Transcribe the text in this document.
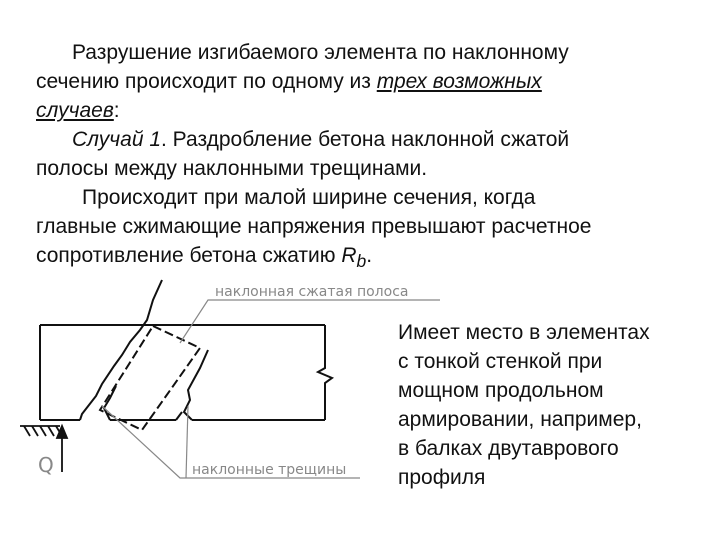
Разрушение изгибаемого элемента по наклонному
сечению происходит по одному из трех возможных
случаев:
Случай 1. Раздробление бетона наклонной сжатой
полосы между наклонными трещинами.
Происходит при малой ширине сечения, когда
главные сжимающие напряжения превышают расчетное
сопротивление бетона сжатию $R_b$.
Имеет место в элементах
с тонкой стенкой при
мощном продольном
армировании, например,
в балках двутаврового
профиля
Q
наклонная сжатая полоса
наклонные трещины
